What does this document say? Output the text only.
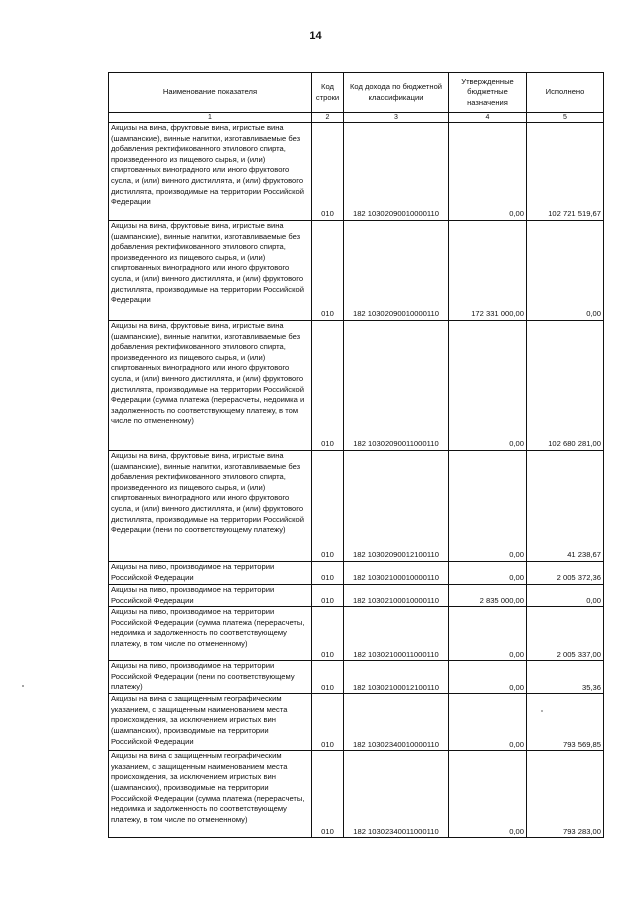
14
Наименование показателя	Код строки	Код дохода по бюджетной классификации	Утвержденные бюджетные назначения	Исполнено
1	2	3	4	5
Акцизы на вина, фруктовые вина, игристые вина (шампанские), винные напитки, изготавливаемые без добавления ректификованного этилового спирта, произведенного из пищевого сырья, и (или) спиртованных виноградного или иного фруктового сусла, и (или) винного дистиллята, и (или) фруктового дистиллята, производимые на территории Российской Федерации	010	182 10302090010000110	0,00	102 721 519,67
Акцизы на вина, фруктовые вина, игристые вина (шампанские), винные напитки, изготавливаемые без добавления ректификованного этилового спирта, произведенного из пищевого сырья, и (или) спиртованных виноградного или иного фруктового сусла, и (или) винного дистиллята, и (или) фруктового дистиллята, производимые на территории Российской Федерации	010	182 10302090010000110	172 331 000,00	0,00
Акцизы на вина, фруктовые вина, игристые вина (шампанские), винные напитки, изготавливаемые без добавления ректификованного этилового спирта, произведенного из пищевого сырья, и (или) спиртованных виноградного или иного фруктового сусла, и (или) винного дистиллята, и (или) фруктового дистиллята, производимые на территории Российской Федерации (сумма платежа (перерасчеты, недоимка и задолженность по соответствующему платежу, в том числе по отмененному)	010	182 10302090011000110	0,00	102 680 281,00
Акцизы на вина, фруктовые вина, игристые вина (шампанские), винные напитки, изготавливаемые без добавления ректификованного этилового спирта, произведенного из пищевого сырья, и (или) спиртованных виноградного или иного фруктового сусла, и (или) винного дистиллята, и (или) фруктового дистиллята, производимые на территории Российской Федерации (пени по соответствующему платежу)	010	182 10302090012100110	0,00	41 238,67
Акцизы на пиво, производимое на территории Российской Федерации	010	182 10302100010000110	0,00	2 005 372,36
Акцизы на пиво, производимое на территории Российской Федерации	010	182 10302100010000110	2 835 000,00	0,00
Акцизы на пиво, производимое на территории Российской Федерации (сумма платежа (перерасчеты, недоимка и задолженность по соответствующему платежу, в том числе по отмененному)	010	182 10302100011000110	0,00	2 005 337,00
Акцизы на пиво, производимое на территории Российской Федерации (пени по соответствующему платежу)	010	182 10302100012100110	0,00	35,36
Акцизы на вина с защищенным географическим указанием, с защищенным наименованием места происхождения, за исключением игристых вин (шампанских), производимые на территории Российской Федерации	010	182 10302340010000110	0,00	793 569,85
Акцизы на вина с защищенным географическим указанием, с защищенным наименованием места происхождения, за исключением игристых вин (шампанских), производимые на территории Российской Федерации (сумма платежа (перерасчеты, недоимка и задолженность по соответствующему платежу, в том числе по отмененному)	010	182 10302340011000110	0,00	793 283,00
